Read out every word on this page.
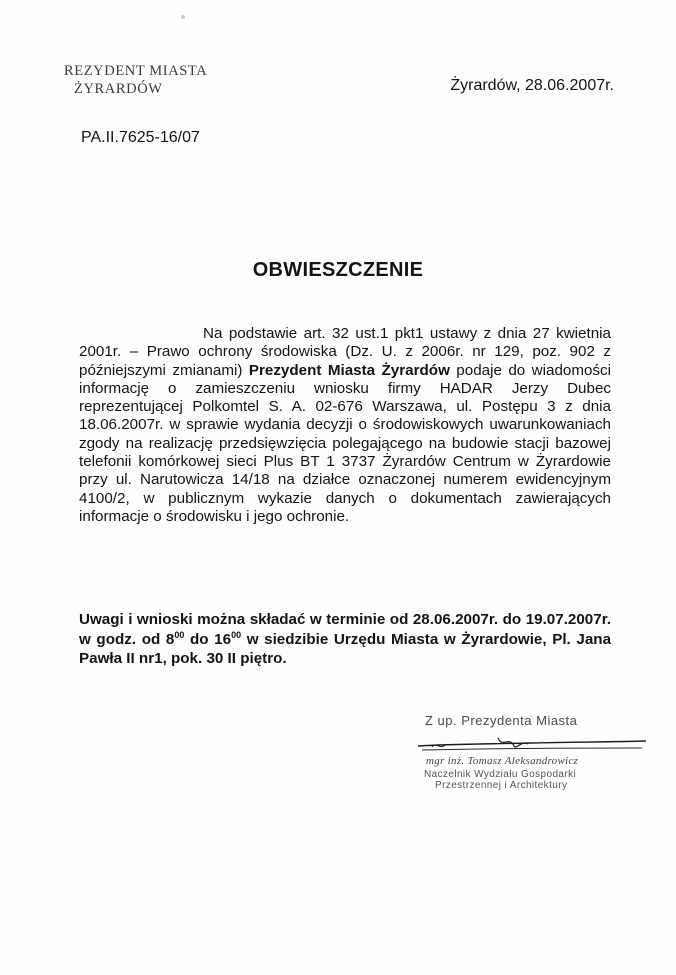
REZYDENT MIASTA
ŻYRARDÓW	Żyrardów, 28.06.2007r.
PA.II.7625-16/07
OBWIESZCZENIE
Na podstawie art. 32 ust.1 pkt1 ustawy z dnia 27 kwietnia 2001r. – Prawo ochrony środowiska (Dz. U. z 2006r. nr 129, poz. 902 z późniejszymi zmianami) Prezydent Miasta Żyrardów podaje do wiadomości informację o zamieszczeniu wniosku firmy HADAR Jerzy Dubec reprezentującej Polkomtel S. A. 02-676 Warszawa, ul. Postępu 3 z dnia 18.06.2007r. w sprawie wydania decyzji o środowiskowych uwarunkowaniach zgody na realizację przedsięwzięcia polegającego na budowie stacji bazowej telefonii komórkowej sieci Plus BT 1 3737 Żyrardów Centrum w Żyrardowie przy ul. Narutowicza 14/18 na działce oznaczonej numerem ewidencyjnym 4100/2, w publicznym wykazie danych o dokumentach zawierających informacje o środowisku i jego ochronie.
Uwagi i wnioski można składać w terminie od 28.06.2007r. do 19.07.2007r. w godz. od $8^{00}$ do $16^{00}$ w siedzibie Urzędu Miasta w Żyrardowie, Pl. Jana Pawła II nr1, pok. 30 II piętro.
Z up. Prezydenta Miasta
mgr inż. Tomasz Aleksandrowicz
Naczelnik Wydziału Gospodarki
Przestrzennej i Architektury
